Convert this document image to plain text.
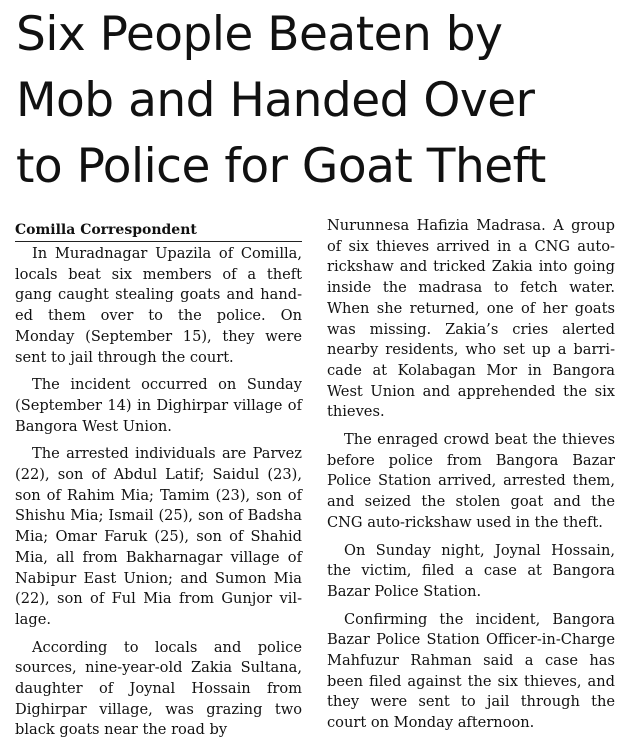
Six People Beaten by
Mob and Handed Over
to Police for Goat Theft
Comilla Correspondent

In Muradnagar Upazila of Comilla, locals beat six members of a theft gang caught stealing goats and handed them over to the police. On Monday (September 15), they were sent to jail through the court.

The incident occurred on Sunday (September 14) in Dighirpar village of Bangora West Union.

The arrested individuals are Parvez (22), son of Abdul Latif; Saidul (23), son of Rahim Mia; Tamim (23), son of Shishu Mia; Ismail (25), son of Badsha Mia; Omar Faruk (25), son of Shahid Mia, all from Bakharnagar village of Nabipur East Union; and Sumon Mia (22), son of Ful Mia from Gunjor village.

According to locals and police sources, nine-year-old Zakia Sultana, daughter of Joynal Hossain from Dighirpar village, was grazing two black goats near the road by

Nurunnesa Hafizia Madrasa. A group of six thieves arrived in a CNG auto-rickshaw and tricked Zakia into going inside the madrasa to fetch water. When she returned, one of her goats was missing. Zakia’s cries alerted nearby residents, who set up a barricade at Kolabagan Mor in Bangora West Union and apprehended the six thieves.

The enraged crowd beat the thieves before police from Bangora Bazar Police Station arrived, arrested them, and seized the stolen goat and the CNG auto-rickshaw used in the theft.

On Sunday night, Joynal Hossain, the victim, filed a case at Bangora Bazar Police Station.

Confirming the incident, Bangora Bazar Police Station Officer-in-Charge Mahfuzur Rahman said a case has been filed against the six thieves, and they were sent to jail through the court on Monday afternoon.
